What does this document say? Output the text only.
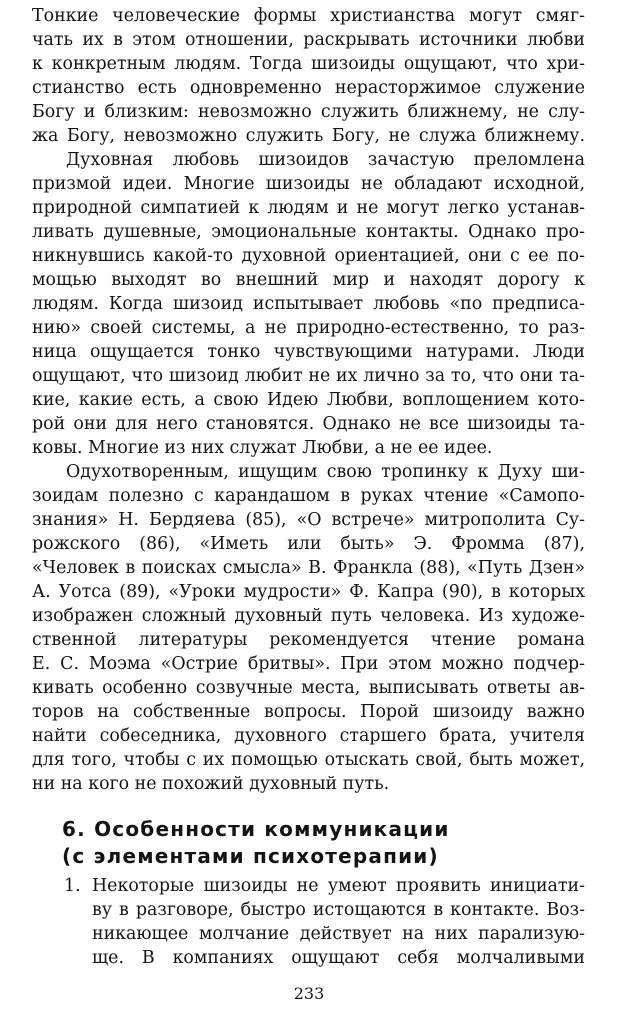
Тонкие человеческие формы христианства могут смяг-
чать их в этом отношении, раскрывать источники любви
к конкретным людям. Тогда шизоиды ощущают, что хри-
стианство есть одновременно нерасторжимое служение
Богу и близким: невозможно служить ближнему, не слу-
жа Богу, невозможно служить Богу, не служа ближнему.
Духовная любовь шизоидов зачастую преломлена
призмой идеи. Многие шизоиды не обладают исходной,
природной симпатией к людям и не могут легко устанав-
ливать душевные, эмоциональные контакты. Однако про-
никнувшись какой-то духовной ориентацией, они с ее по-
мощью выходят во внешний мир и находят дорогу к
людям. Когда шизоид испытывает любовь «по предписа-
нию» своей системы, а не природно-естественно, то раз-
ница ощущается тонко чувствующими натурами. Люди
ощущают, что шизоид любит не их лично за то, что они та-
кие, какие есть, а свою Идею Любви, воплощением кото-
рой они для него становятся. Однако не все шизоиды та-
ковы. Многие из них служат Любви, а не ее идее.
Одухотворенным, ищущим свою тропинку к Духу ши-
зоидам полезно с карандашом в руках чтение «Самопо-
знания» Н. Бердяева (85), «О встрече» митрополита Су-
рожского (86), «Иметь или быть» Э. Фромма (87),
«Человек в поисках смысла» В. Франкла (88), «Путь Дзен»
А. Уотса (89), «Уроки мудрости» Ф. Капра (90), в которых
изображен сложный духовный путь человека. Из художе-
ственной литературы рекомендуется чтение романа
Е. С. Моэма «Острие бритвы». При этом можно подчер-
кивать особенно созвучные места, выписывать ответы ав-
торов на собственные вопросы. Порой шизоиду важно
найти собеседника, духовного старшего брата, учителя
для того, чтобы с их помощью отыскать свой, быть может,
ни на кого не похожий духовный путь.
6. Особенности коммуникации
(с элементами психотерапии)
1. Некоторые шизоиды не умеют проявить инициати-
ву в разговоре, быстро истощаются в контакте. Воз-
никающее молчание действует на них парализую-
ще. В компаниях ощущают себя молчаливыми
233
